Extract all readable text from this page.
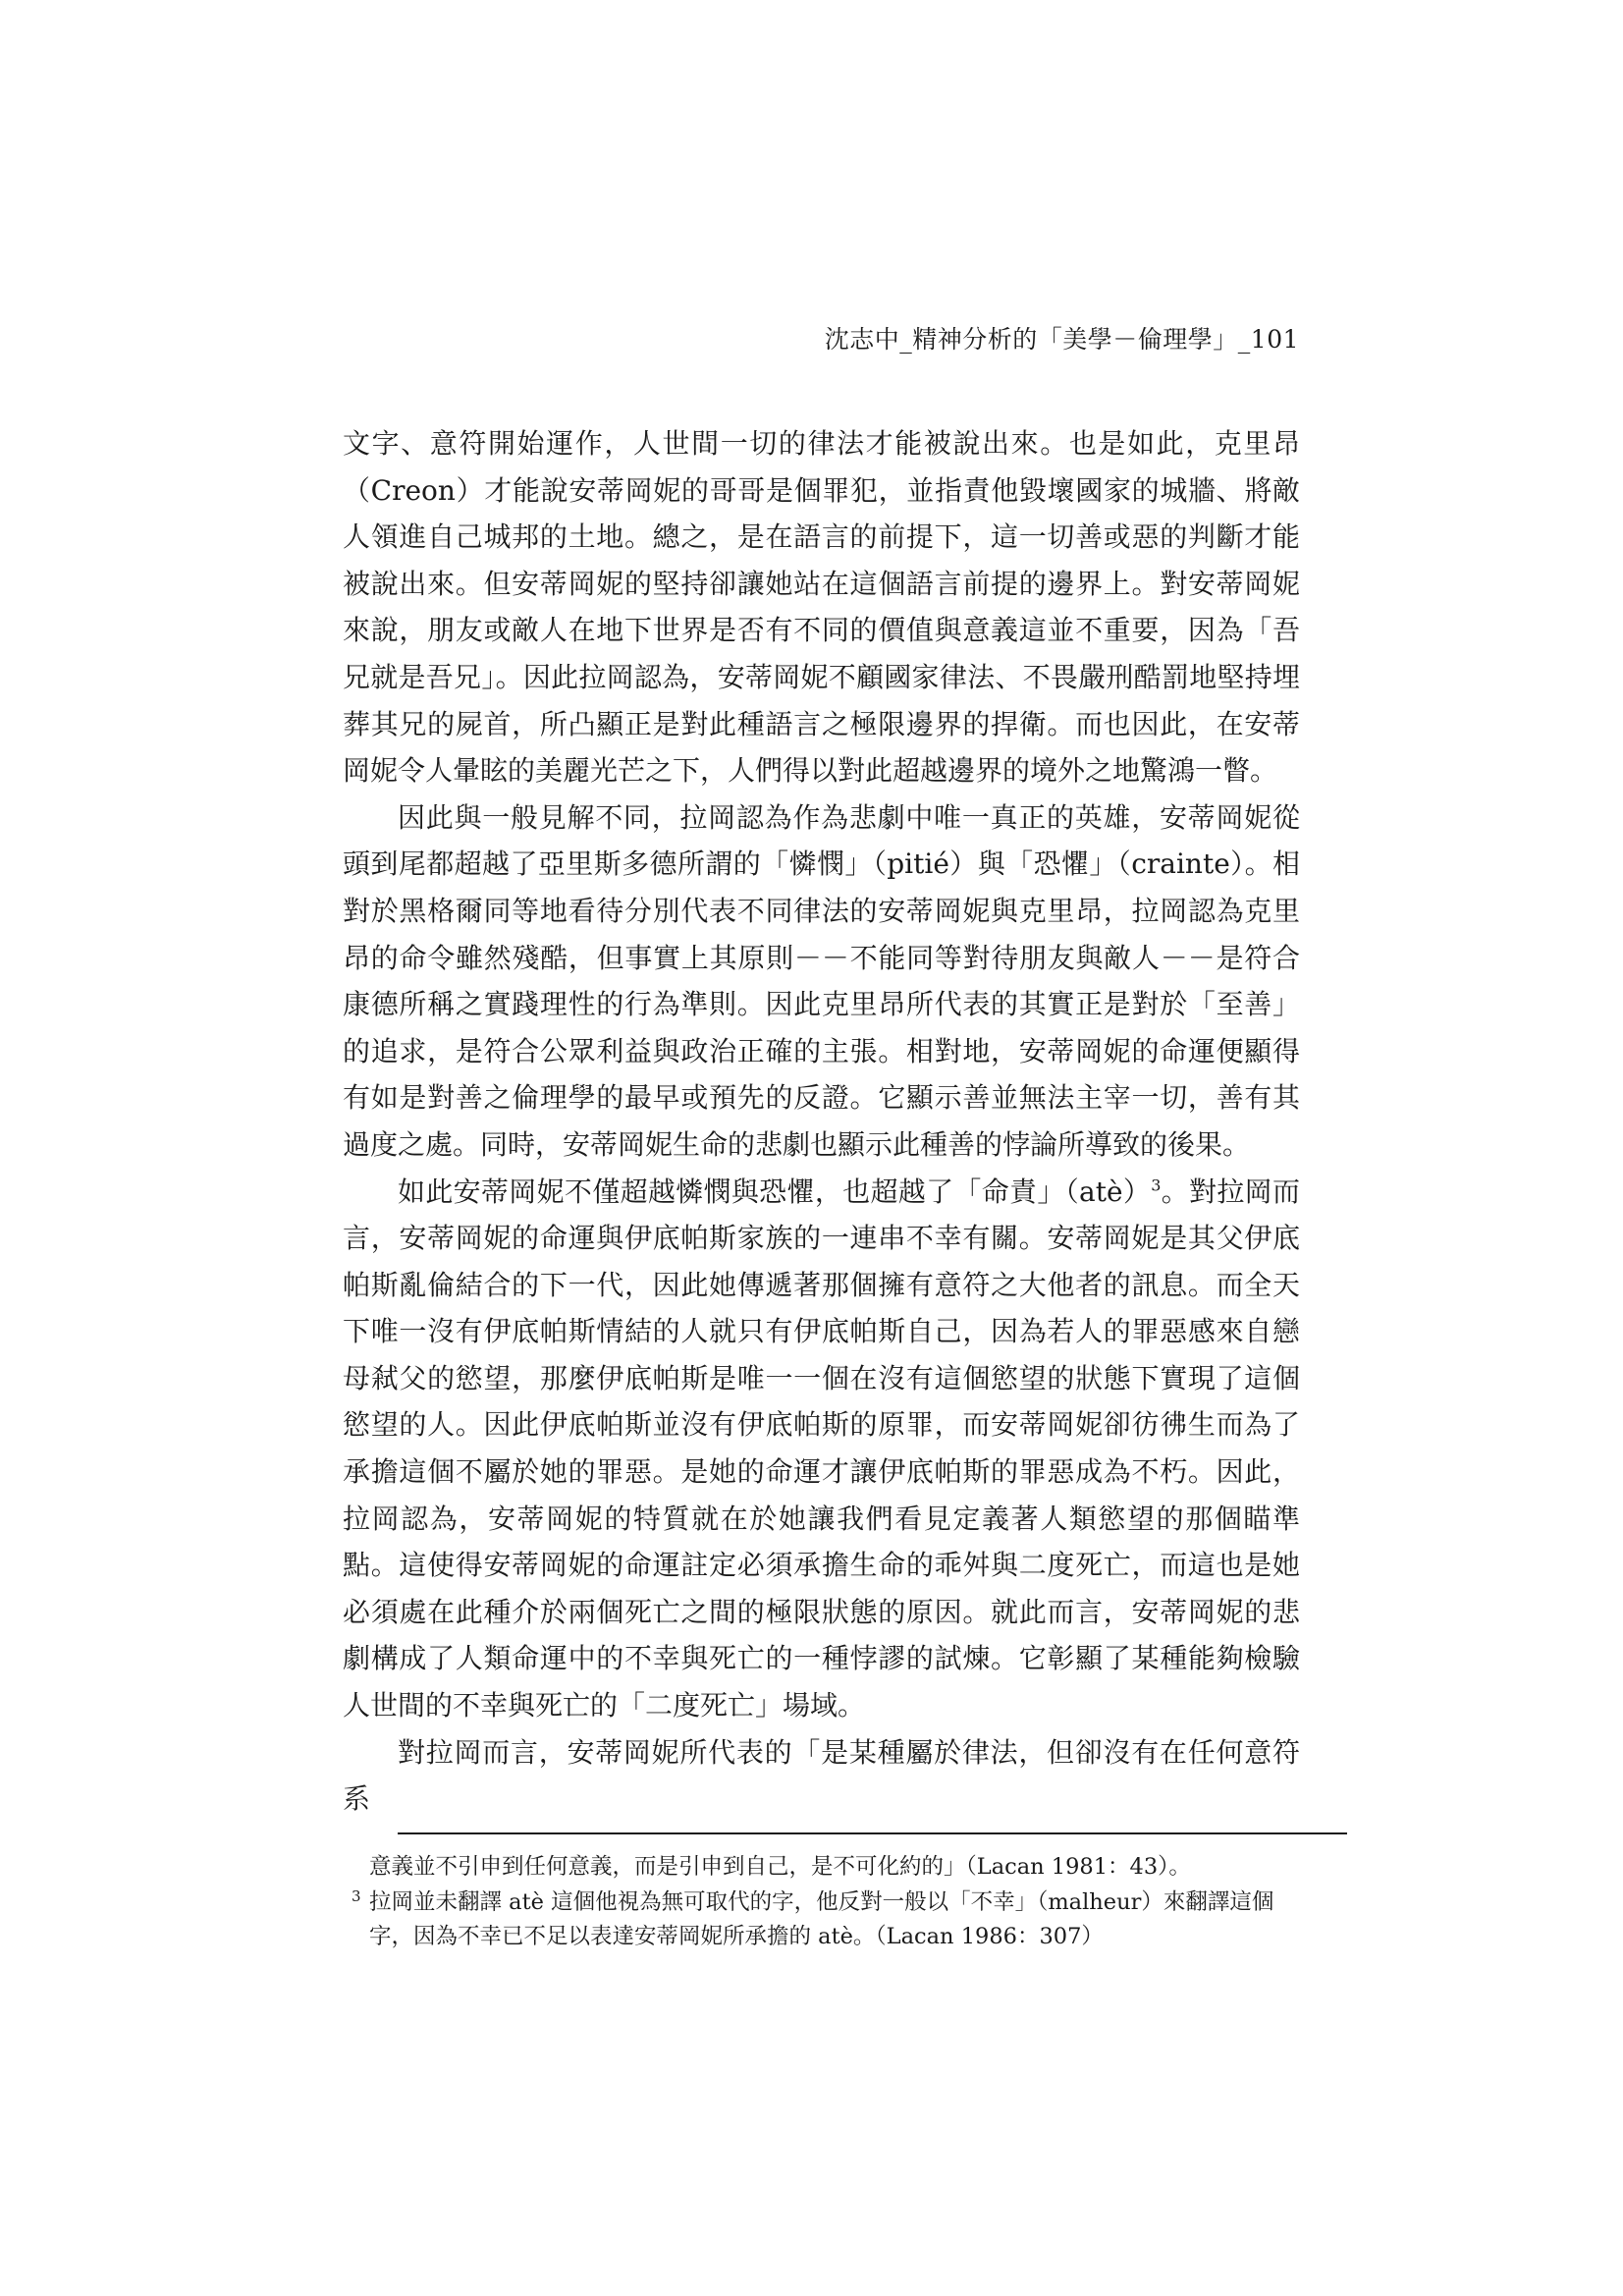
沈志中_精神分析的「美學－倫理學」_101

文字、意符開始運作，人世間一切的律法才能被說出來。也是如此，克里昂（Creon）才能說安蒂岡妮的哥哥是個罪犯，並指責他毀壞國家的城牆、將敵人領進自己城邦的土地。總之，是在語言的前提下，這一切善或惡的判斷才能被說出來。但安蒂岡妮的堅持卻讓她站在這個語言前提的邊界上。對安蒂岡妮來說，朋友或敵人在地下世界是否有不同的價值與意義這並不重要，因為「吾兄就是吾兄」。因此拉岡認為，安蒂岡妮不顧國家律法、不畏嚴刑酷罰地堅持埋葬其兄的屍首，所凸顯正是對此種語言之極限邊界的捍衛。而也因此，在安蒂岡妮令人暈眩的美麗光芒之下，人們得以對此超越邊界的境外之地驚鴻一瞥。

因此與一般見解不同，拉岡認為作為悲劇中唯一真正的英雄，安蒂岡妮從頭到尾都超越了亞里斯多德所謂的「憐憫」（pitié）與「恐懼」（crainte）。相對於黑格爾同等地看待分別代表不同律法的安蒂岡妮與克里昂，拉岡認為克里昂的命令雖然殘酷，但事實上其原則－－不能同等對待朋友與敵人－－是符合康德所稱之實踐理性的行為準則。因此克里昂所代表的其實正是對於「至善」的追求，是符合公眾利益與政治正確的主張。相對地，安蒂岡妮的命運便顯得有如是對善之倫理學的最早或預先的反證。它顯示善並無法主宰一切，善有其過度之處。同時，安蒂岡妮生命的悲劇也顯示此種善的悖論所導致的後果。

如此安蒂岡妮不僅超越憐憫與恐懼，也超越了「命責」（atè）$^3$。對拉岡而言，安蒂岡妮的命運與伊底帕斯家族的一連串不幸有關。安蒂岡妮是其父伊底帕斯亂倫結合的下一代，因此她傳遞著那個擁有意符之大他者的訊息。而全天下唯一沒有伊底帕斯情結的人就只有伊底帕斯自己，因為若人的罪惡感來自戀母弒父的慾望，那麼伊底帕斯是唯一一個在沒有這個慾望的狀態下實現了這個慾望的人。因此伊底帕斯並沒有伊底帕斯的原罪，而安蒂岡妮卻彷彿生而為了承擔這個不屬於她的罪惡。是她的命運才讓伊底帕斯的罪惡成為不朽。因此，拉岡認為，安蒂岡妮的特質就在於她讓我們看見定義著人類慾望的那個瞄準點。這使得安蒂岡妮的命運註定必須承擔生命的乖舛與二度死亡，而這也是她必須處在此種介於兩個死亡之間的極限狀態的原因。就此而言，安蒂岡妮的悲劇構成了人類命運中的不幸與死亡的一種悖謬的試煉。它彰顯了某種能夠檢驗人世間的不幸與死亡的「二度死亡」場域。

對拉岡而言，安蒂岡妮所代表的「是某種屬於律法，但卻沒有在任何意符系

意義並不引申到任何意義，而是引申到自己，是不可化約的」（Lacan 1981：43）。
3 拉岡並未翻譯 atè 這個他視為無可取代的字，他反對一般以「不幸」（malheur）來翻譯這個字，因為不幸已不足以表達安蒂岡妮所承擔的 atè。（Lacan 1986：307）
